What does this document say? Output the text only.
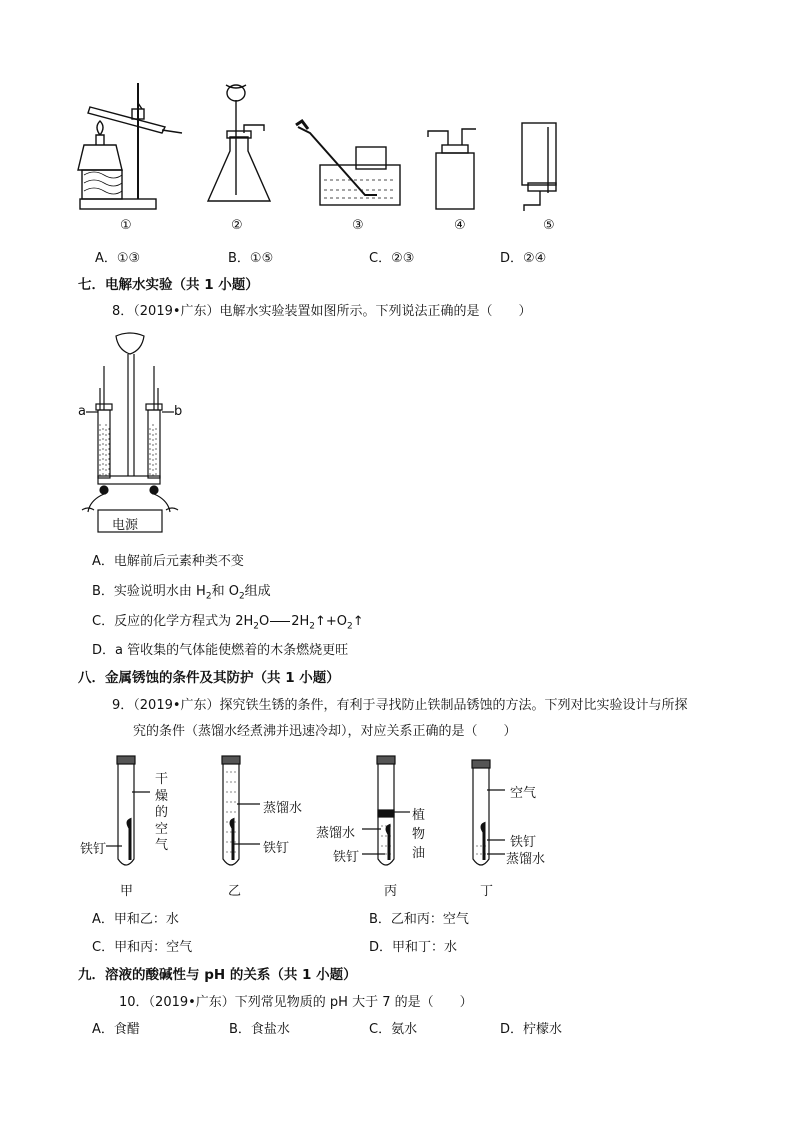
①	②	③	④	⑤
A．①③	B．①⑤	C．②③	D．②④
七．电解水实验（共 1 小题）
8．（2019•广东）电解水实验装置如图所示。下列说法正确的是（　　）
a	b
电源
A．电解前后元素种类不变
B．实验说明水由 $H_2$和 $O_2$组成
C．反应的化学方程式为 $2H_2O$ $2H_2↑+O_2↑$
D．a 管收集的气体能使燃着的木条燃烧更旺
八．金属锈蚀的条件及其防护（共 1 小题）
9．（2019•广东）探究铁生锈的条件，有利于寻找防止铁制品锈蚀的方法。下列对比实验设计与所探
究的条件（蒸馏水经煮沸并迅速冷却），对应关系正确的是（　　）
干
燥
的
空
气
铁钉
甲
蒸馏水
铁钉
乙
植
物
油
蒸馏水
铁钉
丙
空气
铁钉
蒸馏水
丁
A．甲和乙：水	B．乙和丙：空气
C．甲和丙：空气	D．甲和丁：水
九．溶液的酸碱性与 pH 的关系（共 1 小题）
10．（2019•广东）下列常见物质的 pH 大于 7 的是（　　）
A．食醋	B．食盐水	C．氨水	D．柠檬水
